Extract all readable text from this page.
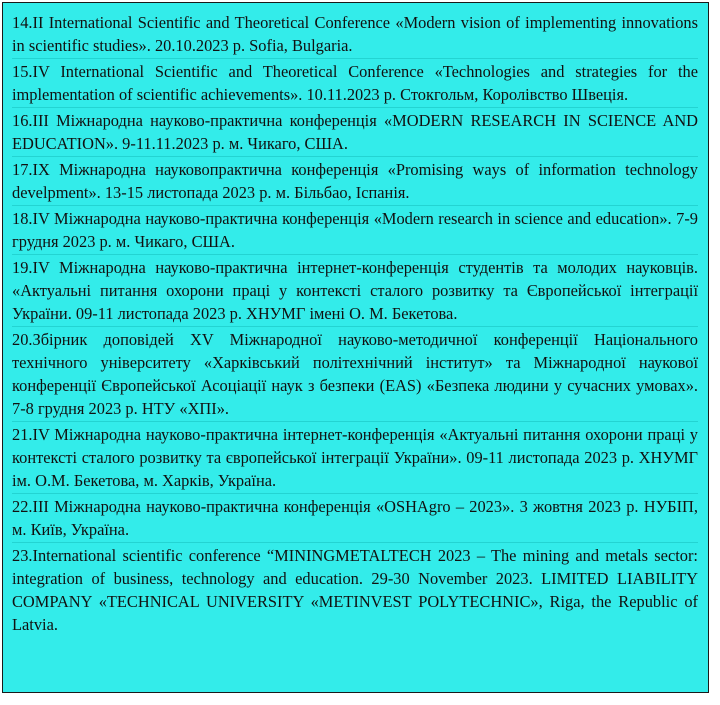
14.II International Scientific and Theoretical Conference «Modern vision of implementing innovations in scientific studies». 20.10.2023 p. Sofia, Bulgaria.

15.IV International Scientific and Theoretical Conference «Technologies and strategies for the implementation of scientific achievements». 10.11.2023 р. Стокгольм, Королівство Швеція.

16.III Міжнародна науково-практична конференція «MODERN RESEARCH IN SCIENCE AND EDUCATION». 9-11.11.2023 р. м. Чикаго, США.

17.IX Міжнародна науковопрактична конференція «Promising ways of information technology develpment». 13-15 листопада 2023 р. м. Більбао, Іспанія.

18.IV Міжнародна науково-практична конференція «Modern research in science and education». 7-9 грудня 2023 р. м. Чикаго, США.

19.IV Міжнародна науково-практична інтернет-конференція студентів та молодих науковців. «Актуальні питання охорони праці у контексті сталого розвитку та Європейської інтеграції України. 09-11 листопада 2023 р. ХНУМГ імені О. М. Бекетова.

20.Збірник доповідей XV Міжнародної науково-методичної конференції Національного технічного університету «Харківський політехнічний інститут» та Міжнародної наукової конференції Європейської Асоціації наук з безпеки (EAS) «Безпека людини у сучасних умовах». 7-8 грудня 2023 р. НТУ «ХПІ».

21.IV Міжнародна науково-практична інтернет-конференція «Актуальні питання охорони праці у контексті сталого розвитку та європейської інтеграції України». 09-11 листопада 2023 р. ХНУМГ ім. О.М. Бекетова, м. Харків, Україна.

22.III Міжнародна науково-практична конференція «OSHAgro – 2023». 3 жовтня 2023 р. НУБІП, м. Київ, Україна.

23.International scientific conference “MININGMETALTECH 2023 – The mining and metals sector: integration of business, technology and education. 29-30 November 2023. LIMITED LIABILITY COMPANY «TECHNICAL UNIVERSITY «METINVEST POLYTECHNIC», Riga, the Republic of Latvia.
